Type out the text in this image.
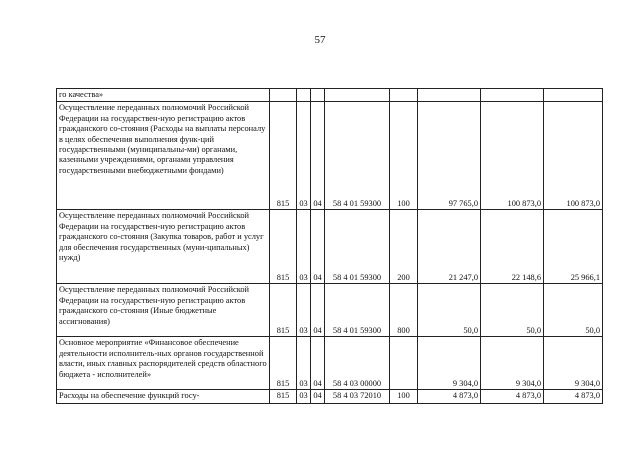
57
го качества»								
Осуществление переданных полномочий Российской Федерации на государствен-ную регистрацию актов гражданского со-стояния (Расходы на выплаты персоналу в целях обеспечения выполнения функ-ций государственными (муниципальны-ми) органами, казенными учреждениями, органами управления государственными внебюджетными фондами)	815	03	04	58 4 01 59300	100	97 765,0	100 873,0	100 873,0
Осуществление переданных полномочий Российской Федерации на государствен-ную регистрацию актов гражданского со-стояния (Закупка товаров, работ и услуг для обеспечения государственных (муни-ципальных) нужд)	815	03	04	58 4 01 59300	200	21 247,0	22 148,6	25 966,1
Осуществление переданных полномочий Российской Федерации на государствен-ную регистрацию актов гражданского со-стояния (Иные бюджетные ассигнования)	815	03	04	58 4 01 59300	800	50,0	50,0	50,0
Основное мероприятие «Финансовое обеспечение деятельности исполнитель-ных органов государственной власти, иных главных распорядителей средств областного бюджета - исполнителей»	815	03	04	58 4 03 00000		9 304,0	9 304,0	9 304,0
Расходы на обеспечение функций госу-	815	03	04	58 4 03 72010	100	4 873,0	4 873,0	4 873,0
